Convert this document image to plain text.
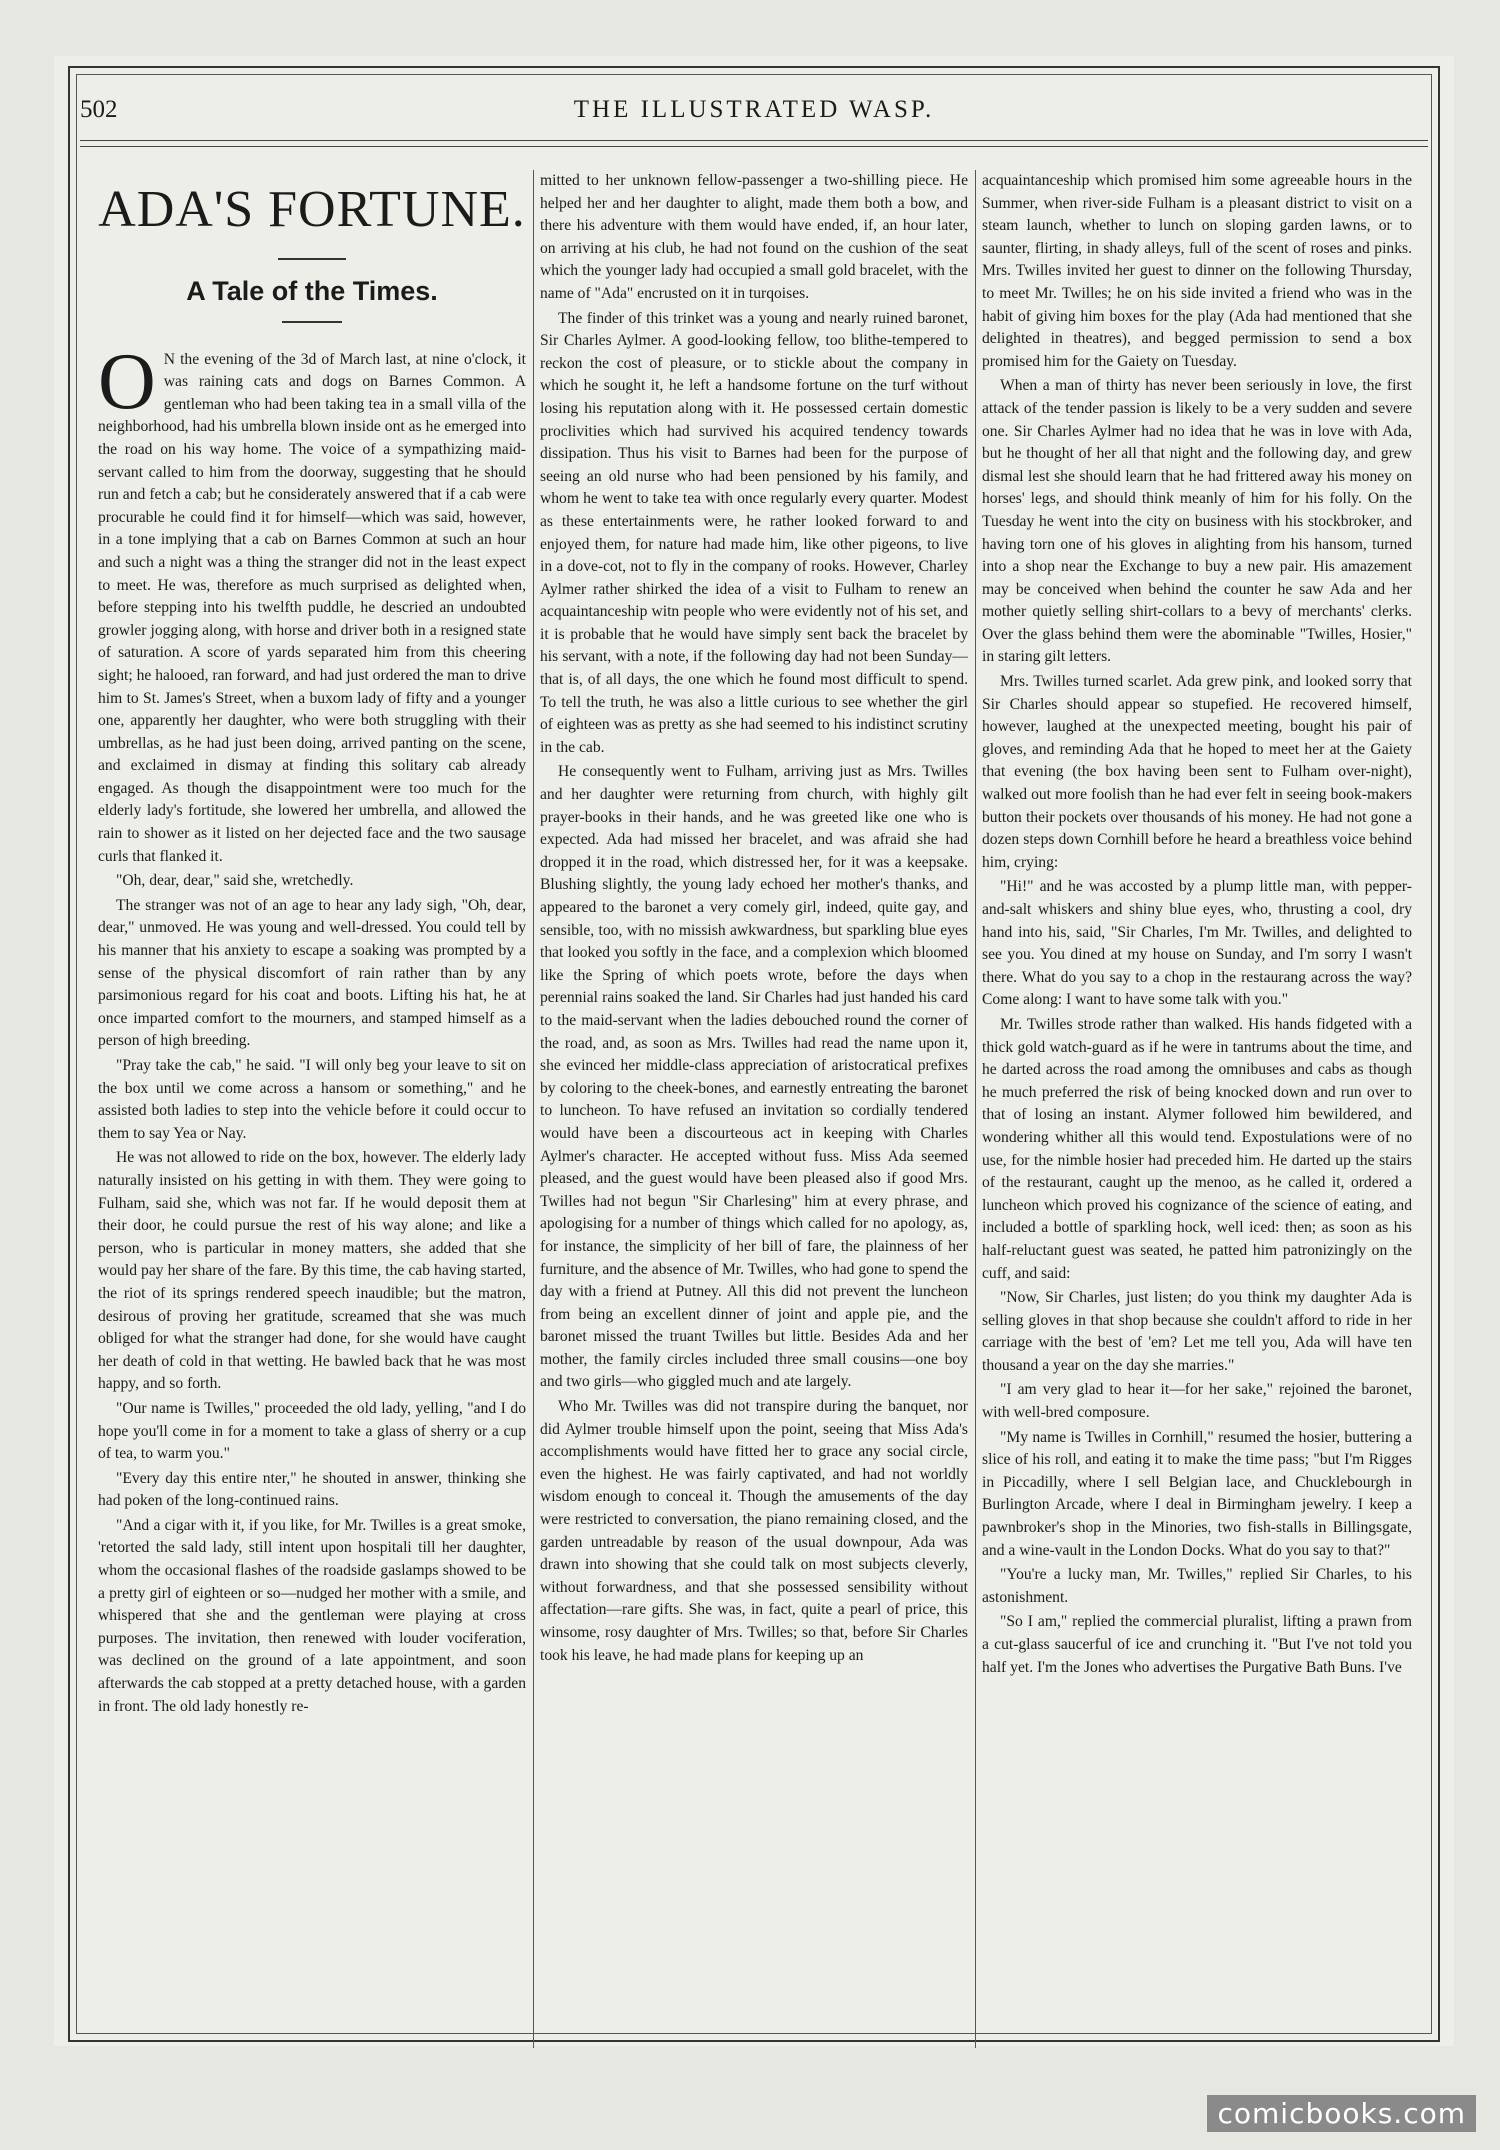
502	THE ILLUSTRATED WASP.
ADA'S FORTUNE.
A Tale of the Times.

O N the evening of the 3d of March last, at nine o'clock, it was raining cats and dogs on Barnes Common. A gentleman who had been taking tea in a small villa of the neighborhood, had his umbrella blown inside ont as he emerged into the road on his way home. The voice of a sympathizing maid-servant called to him from the doorway, suggesting that he should run and fetch a cab; but he considerately answered that if a cab were procurable he could find it for himself—which was said, however, in a tone implying that a cab on Barnes Common at such an hour and such a night was a thing the stranger did not in the least expect to meet. He was, therefore as much surprised as delighted when, before stepping into his twelfth puddle, he descried an undoubted growler jogging along, with horse and driver both in a resigned state of saturation. A score of yards separated him from this cheering sight; he halooed, ran forward, and had just ordered the man to drive him to St. James's Street, when a buxom lady of fifty and a younger one, apparently her daughter, who were both struggling with their umbrellas, as he had just been doing, arrived panting on the scene, and exclaimed in dismay at finding this solitary cab already engaged. As though the disappointment were too much for the elderly lady's fortitude, she lowered her umbrella, and allowed the rain to shower as it listed on her dejected face and the two sausage curls that flanked it.

"Oh, dear, dear," said she, wretchedly.

The stranger was not of an age to hear any lady sigh, "Oh, dear, dear," unmoved. He was young and well-dressed. You could tell by his manner that his anxiety to escape a soaking was prompted by a sense of the physical discomfort of rain rather than by any parsimonious regard for his coat and boots. Lifting his hat, he at once imparted comfort to the mourners, and stamped himself as a person of high breeding.

"Pray take the cab," he said. "I will only beg your leave to sit on the box until we come across a hansom or something," and he assisted both ladies to step into the vehicle before it could occur to them to say Yea or Nay.

He was not allowed to ride on the box, however. The elderly lady naturally insisted on his getting in with them. They were going to Fulham, said she, which was not far. If he would deposit them at their door, he could pursue the rest of his way alone; and like a person, who is particular in money matters, she added that she would pay her share of the fare. By this time, the cab having started, the riot of its springs rendered speech inaudible; but the matron, desirous of proving her gratitude, screamed that she was much obliged for what the stranger had done, for she would have caught her death of cold in that wetting. He bawled back that he was most happy, and so forth.

"Our name is Twilles," proceeded the old lady, yelling, "and I do hope you'll come in for a moment to take a glass of sherry or a cup of tea, to warm you."

"Every day this entire nter," he shouted in answer, thinking she had poken of the long-continued rains.

"And a cigar with it, if you like, for Mr. Twilles is a great smoke, 'retorted the sald lady, still intent upon hospitali till her daughter, whom the occasional flashes of the roadside gaslamps showed to be a pretty girl of eighteen or so—nudged her mother with a smile, and whispered that she and the gentleman were playing at cross purposes. The invitation, then renewed with louder vociferation, was declined on the ground of a late appointment, and soon afterwards the cab stopped at a pretty detached house, with a garden in front. The old lady honestly re-

mitted to her unknown fellow-passenger a two-shilling piece. He helped her and her daughter to alight, made them both a bow, and there his adventure with them would have ended, if, an hour later, on arriving at his club, he had not found on the cushion of the seat which the younger lady had occupied a small gold bracelet, with the name of "Ada" encrusted on it in turqoises.

The finder of this trinket was a young and nearly ruined baronet, Sir Charles Aylmer. A good-looking fellow, too blithe-tempered to reckon the cost of pleasure, or to stickle about the company in which he sought it, he left a handsome fortune on the turf without losing his reputation along with it. He possessed certain domestic proclivities which had survived his acquired tendency towards dissipation. Thus his visit to Barnes had been for the purpose of seeing an old nurse who had been pensioned by his family, and whom he went to take tea with once regularly every quarter. Modest as these entertainments were, he rather looked forward to and enjoyed them, for nature had made him, like other pigeons, to live in a dove-cot, not to fly in the company of rooks. However, Charley Aylmer rather shirked the idea of a visit to Fulham to renew an acquaintanceship witn people who were evidently not of his set, and it is probable that he would have simply sent back the bracelet by his servant, with a note, if the following day had not been Sunday—that is, of all days, the one which he found most difficult to spend. To tell the truth, he was also a little curious to see whether the girl of eighteen was as pretty as she had seemed to his indistinct scrutiny in the cab.

He consequently went to Fulham, arriving just as Mrs. Twilles and her daughter were returning from church, with highly gilt prayer-books in their hands, and he was greeted like one who is expected. Ada had missed her bracelet, and was afraid she had dropped it in the road, which distressed her, for it was a keepsake. Blushing slightly, the young lady echoed her mother's thanks, and appeared to the baronet a very comely girl, indeed, quite gay, and sensible, too, with no missish awkwardness, but sparkling blue eyes that looked you softly in the face, and a complexion which bloomed like the Spring of which poets wrote, before the days when perennial rains soaked the land. Sir Charles had just handed his card to the maid-servant when the ladies debouched round the corner of the road, and, as soon as Mrs. Twilles had read the name upon it, she evinced her middle-class appreciation of aristocratical prefixes by coloring to the cheek-bones, and earnestly entreating the baronet to luncheon. To have refused an invitation so cordially tendered would have been a discourteous act in keeping with Charles Aylmer's character. He accepted without fuss. Miss Ada seemed pleased, and the guest would have been pleased also if good Mrs. Twilles had not begun "Sir Charlesing" him at every phrase, and apologising for a number of things which called for no apology, as, for instance, the simplicity of her bill of fare, the plainness of her furniture, and the absence of Mr. Twilles, who had gone to spend the day with a friend at Putney. All this did not prevent the luncheon from being an excellent dinner of joint and apple pie, and the baronet missed the truant Twilles but little. Besides Ada and her mother, the family circles included three small cousins—one boy and two girls—who giggled much and ate largely.

Who Mr. Twilles was did not transpire during the banquet, nor did Aylmer trouble himself upon the point, seeing that Miss Ada's accomplishments would have fitted her to grace any social circle, even the highest. He was fairly captivated, and had not worldly wisdom enough to conceal it. Though the amusements of the day were restricted to conversation, the piano remaining closed, and the garden untreadable by reason of the usual downpour, Ada was drawn into showing that she could talk on most subjects cleverly, without forwardness, and that she possessed sensibility without affectation—rare gifts. She was, in fact, quite a pearl of price, this winsome, rosy daughter of Mrs. Twilles; so that, before Sir Charles took his leave, he had made plans for keeping up an

acquaintanceship which promised him some agreeable hours in the Summer, when river-side Fulham is a pleasant district to visit on a steam launch, whether to lunch on sloping garden lawns, or to saunter, flirting, in shady alleys, full of the scent of roses and pinks. Mrs. Twilles invited her guest to dinner on the following Thursday, to meet Mr. Twilles; he on his side invited a friend who was in the habit of giving him boxes for the play (Ada had mentioned that she delighted in theatres), and begged permission to send a box promised him for the Gaiety on Tuesday.

When a man of thirty has never been seriously in love, the first attack of the tender passion is likely to be a very sudden and severe one. Sir Charles Aylmer had no idea that he was in love with Ada, but he thought of her all that night and the following day, and grew dismal lest she should learn that he had frittered away his money on horses' legs, and should think meanly of him for his folly. On the Tuesday he went into the city on business with his stockbroker, and having torn one of his gloves in alighting from his hansom, turned into a shop near the Exchange to buy a new pair. His amazement may be conceived when behind the counter he saw Ada and her mother quietly selling shirt-collars to a bevy of merchants' clerks. Over the glass behind them were the abominable "Twilles, Hosier," in staring gilt letters.

Mrs. Twilles turned scarlet. Ada grew pink, and looked sorry that Sir Charles should appear so stupefied. He recovered himself, however, laughed at the unexpected meeting, bought his pair of gloves, and reminding Ada that he hoped to meet her at the Gaiety that evening (the box having been sent to Fulham over-night), walked out more foolish than he had ever felt in seeing book-makers button their pockets over thousands of his money. He had not gone a dozen steps down Cornhill before he heard a breathless voice behind him, crying:

"Hi!" and he was accosted by a plump little man, with pepper-and-salt whiskers and shiny blue eyes, who, thrusting a cool, dry hand into his, said, "Sir Charles, I'm Mr. Twilles, and delighted to see you. You dined at my house on Sunday, and I'm sorry I wasn't there. What do you say to a chop in the restaurang across the way? Come along: I want to have some talk with you."

Mr. Twilles strode rather than walked. His hands fidgeted with a thick gold watch-guard as if he were in tantrums about the time, and he darted across the road among the omnibuses and cabs as though he much preferred the risk of being knocked down and run over to that of losing an instant. Alymer followed him bewildered, and wondering whither all this would tend. Expostulations were of no use, for the nimble hosier had preceded him. He darted up the stairs of the restaurant, caught up the menoo, as he called it, ordered a luncheon which proved his cognizance of the science of eating, and included a bottle of sparkling hock, well iced: then; as soon as his half-reluctant guest was seated, he patted him patronizingly on the cuff, and said:

"Now, Sir Charles, just listen; do you think my daughter Ada is selling gloves in that shop because she couldn't afford to ride in her carriage with the best of 'em? Let me tell you, Ada will have ten thousand a year on the day she marries."

"I am very glad to hear it—for her sake," rejoined the baronet, with well-bred composure.

"My name is Twilles in Cornhill," resumed the hosier, buttering a slice of his roll, and eating it to make the time pass; "but I'm Rigges in Piccadilly, where I sell Belgian lace, and Chucklebourgh in Burlington Arcade, where I deal in Birmingham jewelry. I keep a pawnbroker's shop in the Minories, two fish-stalls in Billingsgate, and a wine-vault in the London Docks. What do you say to that?"

"You're a lucky man, Mr. Twilles," replied Sir Charles, to his astonishment.

"So I am," replied the commercial pluralist, lifting a prawn from a cut-glass saucerful of ice and crunching it. "But I've not told you half yet. I'm the Jones who advertises the Purgative Bath Buns. I've

comicbooks.com
